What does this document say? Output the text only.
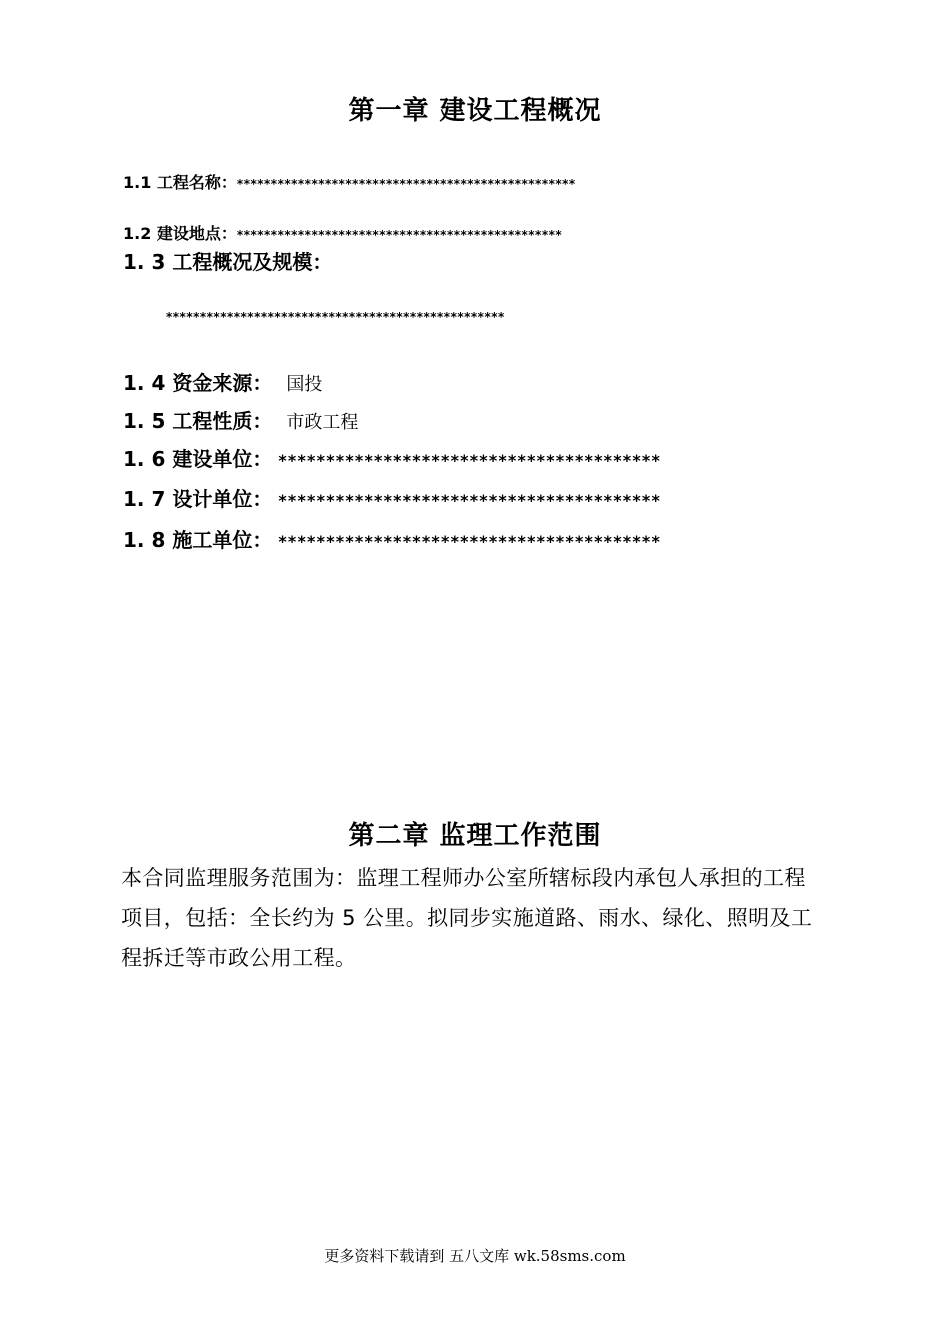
第一章 建设工程概况
1.1 工程名称：**************************************************
1.2 建设地点：************************************************
1. 3 工程概况及规模：
**************************************************
1. 4 资金来源： 国投
1. 5 工程性质： 市政工程
1. 6 建设单位： ****************************************
1. 7 设计单位： ****************************************
1. 8 施工单位： ****************************************
第二章 监理工作范围
本合同监理服务范围为：监理工程师办公室所辖标段内承包人承担的工程项目，包括：全长约为 5 公里。拟同步实施道路、雨水、绿化、照明及工程拆迁等市政公用工程。
更多资料下载请到 五八文库 wk.58sms.com
